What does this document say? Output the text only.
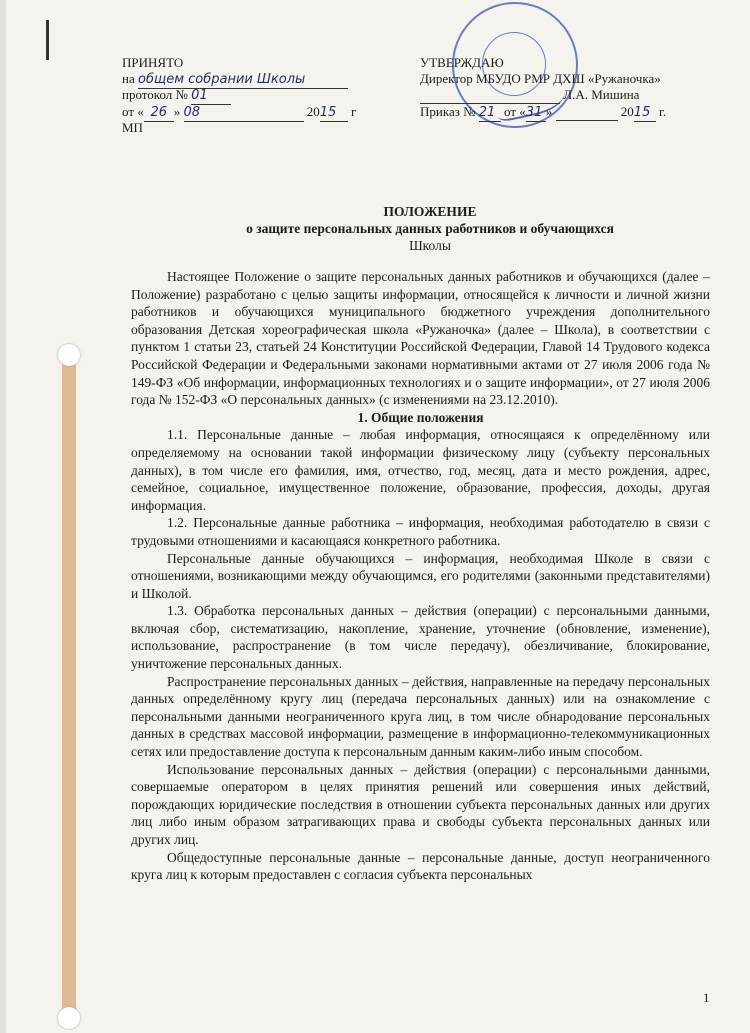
ПРИНЯТО
на общем собрании Школы
протокол № 01
от « 26 » 08	2015 г
МП
УТВЕРЖДАЮ
Директор МБУДО РМР ДХШ «Ружаночка»
Л.А. Мишина
Приказ № 21 от «31 »	2015 г.
ПОЛОЖЕНИЕ
о защите персональных данных работников и обучающихся
Школы

Настоящее Положение о защите персональных данных работников и обучающихся (далее – Положение) разработано с целью защиты информации, относящейся к личности и личной жизни работников и обучающихся муниципального бюджетного учреждения дополнительного образования Детская хореографическая школа «Ружаночка» (далее – Школа), в соответствии с пунктом 1 статьи 23, статьей 24 Конституции Российской Федерации, Главой 14 Трудового кодекса Российской Федерации и Федеральными законами нормативными актами от 27 июля 2006 года № 149-ФЗ «Об информации, информационных технологиях и о защите информации», от 27 июля 2006 года № 152-ФЗ «О персональных данных» (с изменениями на 23.12.2010).

1. Общие положения

1.1. Персональные данные – любая информация, относящаяся к определённому или определяемому на основании такой информации физическому лицу (субъекту персональных данных), в том числе его фамилия, имя, отчество, год, месяц, дата и место рождения, адрес, семейное, социальное, имущественное положение, образование, профессия, доходы, другая информация.

1.2. Персональные данные работника – информация, необходимая работодателю в связи с трудовыми отношениями и касающаяся конкретного работника.

Персональные данные обучающихся – информация, необходимая Школе в связи с отношениями, возникающими между обучающимся, его родителями (законными представителями) и Школой.

1.3. Обработка персональных данных – действия (операции) с персональными данными, включая сбор, систематизацию, накопление, хранение, уточнение (обновление, изменение), использование, распространение (в том числе передачу), обезличивание, блокирование, уничтожение персональных данных.

Распространение персональных данных – действия, направленные на передачу персональных данных определённому кругу лиц (передача персональных данных) или на ознакомление с персональными данными неограниченного круга лиц, в том числе обнародование персональных данных в средствах массовой информации, размещение в информационно-телекоммуникационных сетях или предоставление доступа к персональным данным каким-либо иным способом.

Использование персональных данных – действия (операции) с персональными данными, совершаемые оператором в целях принятия решений или совершения иных действий, порождающих юридические последствия в отношении субъекта персональных данных или других лиц либо иным образом затрагивающих права и свободы субъекта персональных данных или других лиц.

Общедоступные персональные данные – персональные данные, доступ неограниченного круга лиц к которым предоставлен с согласия субъекта персональных

1
